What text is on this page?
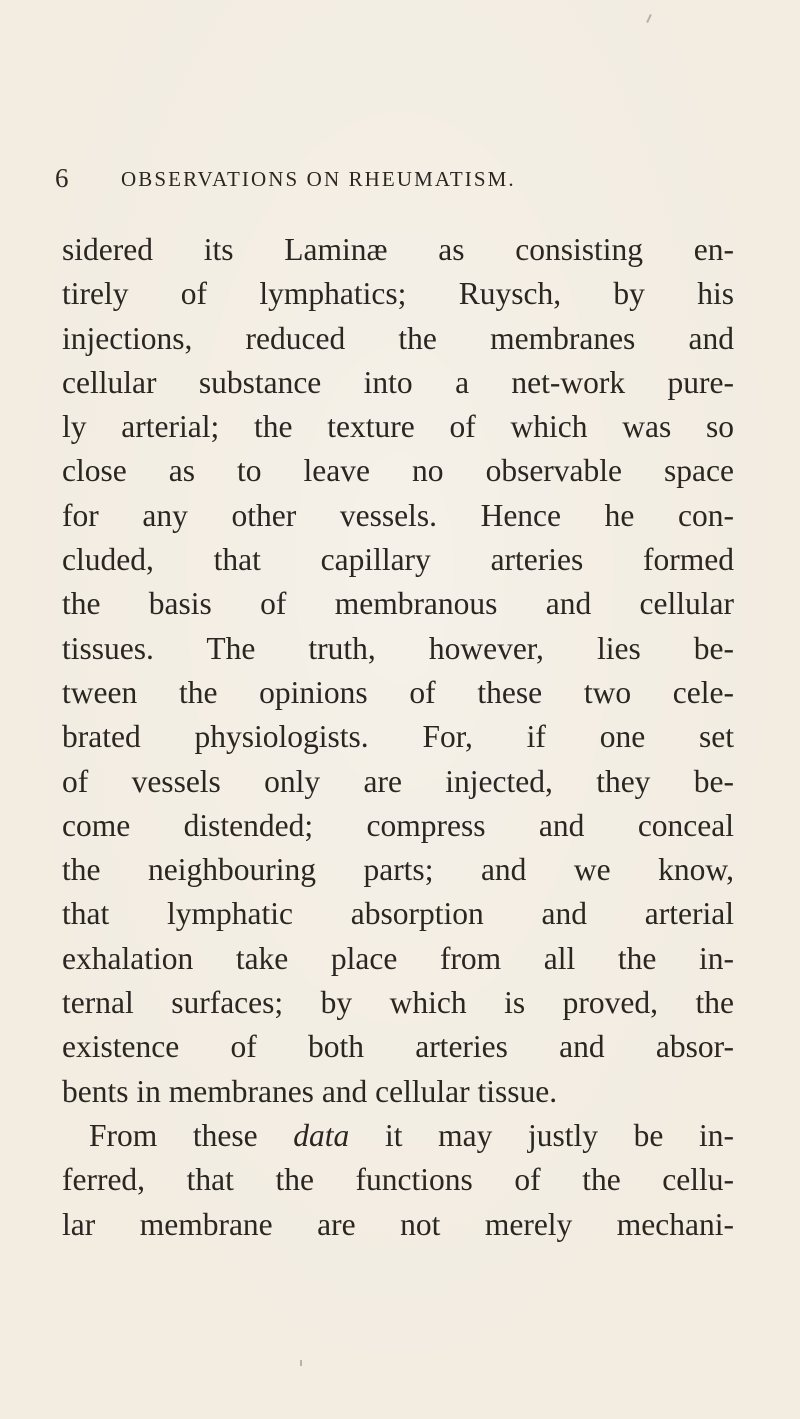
6	OBSERVATIONS ON RHEUMATISM.
sidered its Laminæ as consisting en-
tirely of lymphatics; Ruysch, by his
injections, reduced the membranes and
cellular substance into a net-work pure-
ly arterial; the texture of which was so
close as to leave no observable space
for any other vessels. Hence he con-
cluded, that capillary arteries formed
the basis of membranous and cellular
tissues. The truth, however, lies be-
tween the opinions of these two cele-
brated physiologists. For, if one set
of vessels only are injected, they be-
come distended; compress and conceal
the neighbouring parts; and we know,
that lymphatic absorption and arterial
exhalation take place from all the in-
ternal surfaces; by which is proved, the
existence of both arteries and absor-
bents in membranes and cellular tissue.
From these data it may justly be in-
ferred, that the functions of the cellu-
lar membrane are not merely mechani-
